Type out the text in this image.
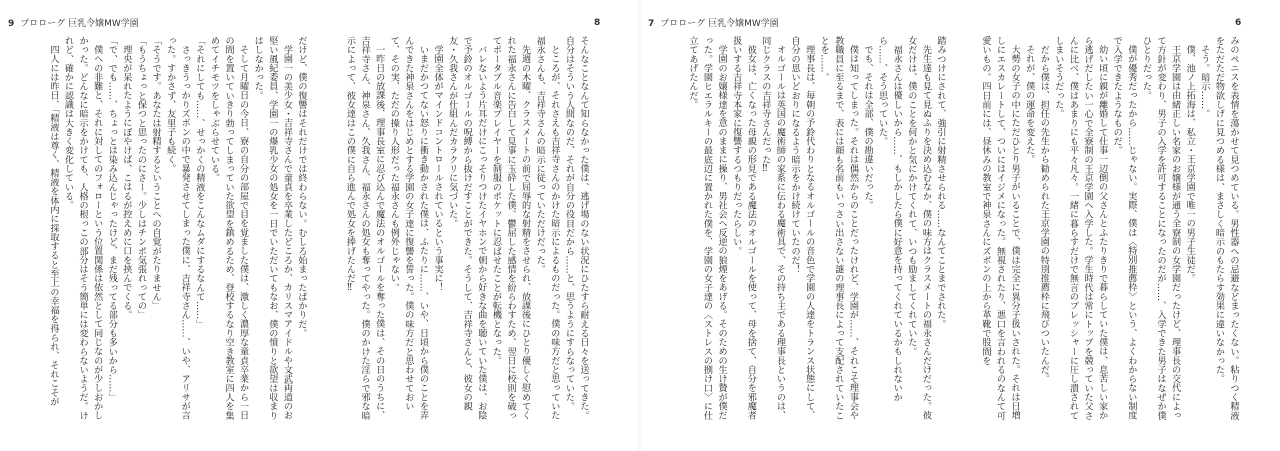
9 プロローグ 巨乳令嬢MW学園

だけど、僕の復讐はそれだけでは終わらない。むしろ始まったばかりだ。

学園一の美少女・吉祥寺さんで童貞を卒業したどころか、カリスマアイドルや文武両道のお堅い風紀委員、学園一の爆乳少女の処女を一日でいただいてもなお、僕の憤りと欲望は収まりはしなかった。

そして月曜日の今日、寮の自分の部屋で目を覚ました僕は、激しく濃厚な童貞卒業から一日の間を置いていきり勃ってしまっていた欲望を鎮めるため、登校するなり空き教室に四人を集めてイチモツをしゃぶらせている。

「それにしても……、せっかくの精液をこんなムダにするなんて……」

さっきうっかりズボンの中で暴発させてしまった僕に、吉祥寺さん……、いや、アリサが言った。すかさず、友里子も続く。

「そうです。あなたは射精するということへの自覚がたりません」

「もうちょっと保つと思ったのにさー。少しはチンポ気張れっての」

理央が呆れたようにぼやけば、こはるが控えめに口を挟んでくる。

「で、でも……、ちょっとは染み込んじゃったけど、まだ残ってる部分も多いから……」

僕への非難と、それに対してのフォローという位置関係は依然として同じなのが少しおかしかった。どんなに暗示をかけても、人格の根っこの部分はそう簡単には変わらないようだ。けれど、確かに認識は大きく変化している。

四人には昨日、「精液は尊く、精液を体内に採取すると至上の幸福を得られ、それこそが

8

そんなことなんて知らなかった僕は、逃げ場のない状況にひたすら耐える日々を送ってきた。自分はそういう人間なのだ、それが自分の役目だから……と、思うようにすらなっていた。

ところが、それさえも吉祥寺さんのかけた暗示によるものだった。僕の味方だと思っていた福永さんも、吉祥寺さんの暗示に従っていただけだった。

先週の木曜、クラスメートの前で屈辱的な射精をさせられ、放課後にひとり優しく慰めてくれた福永さんに告白して見事に玉砕した僕。鬱屈した感情を紛らわすため、翌日に校則を破ってポータブル音楽プレイヤーを制服のポケットに忍ばせたことが転機となった。

バレないよう片耳だけにこっそりつけたイヤホンで朝から好きな曲を聴いていた僕は、お陰で予鈴のオルゴールの呪縛から抜けだすことができた。そうして、吉祥寺さんと、彼女の親友・久我さんが仕組んだカラクリに気づいた。

学園全体がマインドコントロールされているという事実に！

いまだかつてない怒りに衝き動かされた僕は、ふたりに……、いや、日頃から僕のことを弄んできた神泉さんをはじめとする学園の女子達に復讐を誓った。僕の味方だと思わせておいて、その実、ただの操り人形だった福永さんも例外じゃない。

一昨日の放課後、理事長室に忍び込んで魔法のオルゴールを奪った僕は、その日のうちに、吉祥寺さん、神泉さん、久我さん、福永さんの処女も奪ってやった。僕のかけた淫らで邪な暗示によって、彼女達はこの僕に自ら進んで処女を捧げたんだ‼

7 プロローグ 巨乳令嬢MW学園

踏みつけにされて、強引に射精させられる……なんてことまでされた。

先生達も見て見ぬふりを決め込むなか、僕の味方はクラスメートの福永さんだけだった。彼女だけは、僕のことを何かと気にかけてくれて、いつも励ましてくれていた。

福永さんは優しいから……、もしかしたら僕に好意を持ってくれているかもしれないから……、そう思っていた。

でも、それは全部、僕の勘違いだった。

僕は知ってしまった。それは偶然からのことだったけれど、学園が……、それこそ理事会や教職員に至るまで、表には顔も名前もいっさい出さない謎の理事長によって支配されていたことを……。

理事長は、毎朝の予鈴代わりとなるオルゴールの音色で学園の人達をトランス状態にして、自分の思いどおりになるよう暗示をかけ続けていたのだ！

オルゴールは英国の魔術師の家系に伝わる魔術具で、その持ち主である理事長というのは、同じクラスの吉祥寺さんだった‼

彼女は、亡くなった母親の形見である魔法のオルゴールを使って、母を捨て、自分を邪魔者扱いする吉祥寺本家に復讐するつもりだったらしい。

学園のお嬢様達を意のままに操り、男社会へ反逆の狼煙をあげる。そのための生け贄が僕だった。学園ヒエラルキーの最底辺に置かれた僕を、学園の女子達の〈ストレスの捌け口〉に仕立てあげたんだ。

6

みのペニスを表情を蕩かせて見つめている。男性器への忌避などまったくない。粘りつく精液をただただ物欲しげに見つめる様は、まさしく暗示のもたらす効果に違いなかった。

そう。暗示……。

僕、池ノ上拓海は、私立・王京学園で唯一の男子生徒だ。

王京学園は由緒正しい名家のお嬢様が通う全寮制の女学園だったけど、理事長の交代によって方針が変わり、男子の入学を許可することになったのだが……、入学できた男子はなぜか僕ひとりだった。

僕が優秀だったから……じゃない。実際、僕は〈特別推薦枠〉という、よくわからない制度で入学できたようなものだ。

幼い頃に親が離婚して仕事一辺倒の父さんとふたりきりで暮らしていた僕は、息苦しい家から逃げだしたい一心で全寮制の王京学園へ入学した。学生時代は常にトップを競っていた父さんに比べ、僕はあまりにも平々凡々。一緒に暮らすだけで無言のプレッシャーに圧し潰されてしまいそうだった。

だから僕は、担任の先生から勧められた王京学園の特別推薦枠に飛びついたんだ。

それが、僕の運命を変えた。

大勢の女子の中にただひとり男子がいることで、僕は完全に異分子扱いされた。それは日増しにエスカレートして、ついにはイジメになった。無視されたり、悪口を言われるのなんて可愛いもの。四日前には、昼休みの教室で神泉さんにズボンの上から革靴で股間を
